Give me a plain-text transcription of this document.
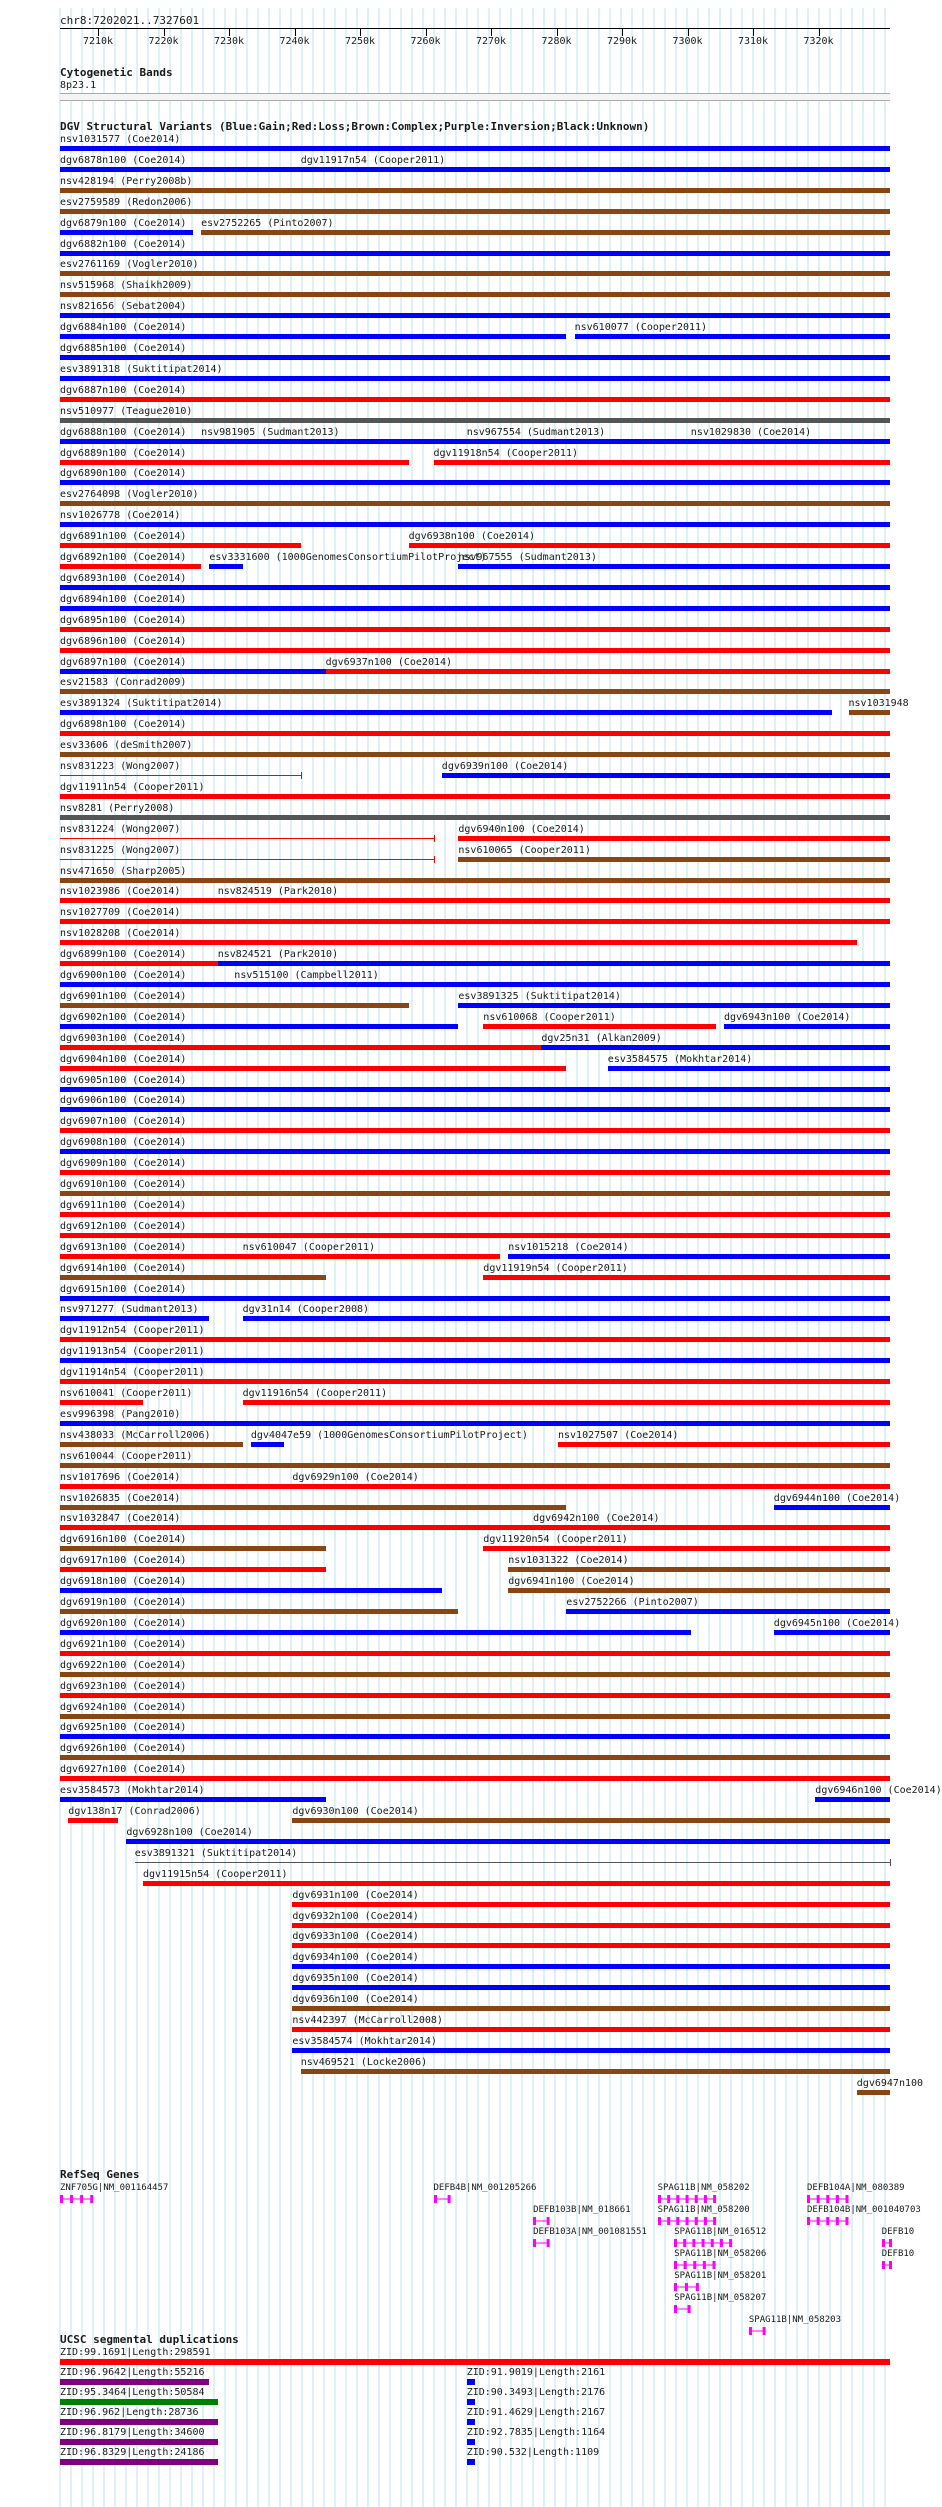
chr8:7202021..7327601
7210k	7220k	7230k	7240k	7250k	7260k	7270k	7280k	7290k	7300k	7310k	7320k
Cytogenetic Bands
8p23.1
DGV Structural Variants (Blue:Gain;Red:Loss;Brown:Complex;Purple:Inversion;Black:Unknown)
nsv1031577 (Coe2014)
dgv6878n100 (Coe2014)	dgv11917n54 (Cooper2011)
nsv428194 (Perry2008b)
esv2759589 (Redon2006)
dgv6879n100 (Coe2014) esv2752265 (Pinto2007)
dgv6882n100 (Coe2014)
esv2761169 (Vogler2010)
nsv515968 (Shaikh2009)
nsv821656 (Sebat2004)
dgv6884n100 (Coe2014)	nsv610077 (Cooper2011)
dgv6885n100 (Coe2014)
esv3891318 (Suktitipat2014)
dgv6887n100 (Coe2014)
nsv510977 (Teague2010)
dgv6888n100 (Coe2014) nsv981905 (Sudmant2013)	nsv967554 (Sudmant2013)	nsv1029830 (Coe2014)
dgv6889n100 (Coe2014)	dgv11918n54 (Cooper2011)
dgv6890n100 (Coe2014)
esv2764098 (Vogler2010)
nsv1026778 (Coe2014)
dgv6891n100 (Coe2014)	dgv6938n100 (Coe2014)
dgv6892n100 (Coe2014) esv3331600 (1000GenomesConsortiumPilotProject)
nsv967555 (Sudmant2013)
dgv6893n100 (Coe2014)
dgv6894n100 (Coe2014)
dgv6895n100 (Coe2014)
dgv6896n100 (Coe2014)
dgv6897n100 (Coe2014)	dgv6937n100 (Coe2014)
esv21583 (Conrad2009)
esv3891324 (Suktitipat2014)	nsv1031948
dgv6898n100 (Coe2014)
esv33606 (deSmith2007)
nsv831223 (Wong2007)	dgv6939n100 (Coe2014)
dgv11911n54 (Cooper2011)
nsv8281 (Perry2008)
nsv831224 (Wong2007)	dgv6940n100 (Coe2014)
nsv831225 (Wong2007)	nsv610065 (Cooper2011)
nsv471650 (Sharp2005)
nsv1023986 (Coe2014)	nsv824519 (Park2010)
nsv1027709 (Coe2014)
nsv1028208 (Coe2014)
dgv6899n100 (Coe2014)	nsv824521 (Park2010)
dgv6900n100 (Coe2014)	nsv515100 (Campbell2011)
dgv6901n100 (Coe2014)	esv3891325 (Suktitipat2014)
dgv6902n100 (Coe2014)	nsv610068 (Cooper2011)	dgv6943n100 (Coe2014)
dgv6903n100 (Coe2014)	dgv25n31 (Alkan2009)
dgv6904n100 (Coe2014)	esv3584575 (Mokhtar2014)
dgv6905n100 (Coe2014)
dgv6906n100 (Coe2014)
dgv6907n100 (Coe2014)
dgv6908n100 (Coe2014)
dgv6909n100 (Coe2014)
dgv6910n100 (Coe2014)
dgv6911n100 (Coe2014)
dgv6912n100 (Coe2014)
dgv6913n100 (Coe2014)	nsv610047 (Cooper2011)	nsv1015218 (Coe2014)
dgv6914n100 (Coe2014)	dgv11919n54 (Cooper2011)
dgv6915n100 (Coe2014)
nsv971277 (Sudmant2013)	dgv31n14 (Cooper2008)
dgv11912n54 (Cooper2011)
dgv11913n54 (Cooper2011)
dgv11914n54 (Cooper2011)
nsv610041 (Cooper2011)	dgv11916n54 (Cooper2011)
esv996398 (Pang2010)
nsv438033 (McCarroll2006)	dgv4047e59 (1000GenomesConsortiumPilotProject)	nsv1027507 (Coe2014)
nsv610044 (Cooper2011)
nsv1017696 (Coe2014)	dgv6929n100 (Coe2014)
nsv1026835 (Coe2014)	dgv6944n100 (Coe2014)
nsv1032847 (Coe2014)	dgv6942n100 (Coe2014)
dgv6916n100 (Coe2014)	dgv11920n54 (Cooper2011)
dgv6917n100 (Coe2014)	nsv1031322 (Coe2014)
dgv6918n100 (Coe2014)	dgv6941n100 (Coe2014)
dgv6919n100 (Coe2014)	esv2752266 (Pinto2007)
dgv6920n100 (Coe2014)	dgv6945n100 (Coe2014)
dgv6921n100 (Coe2014)
dgv6922n100 (Coe2014)
dgv6923n100 (Coe2014)
dgv6924n100 (Coe2014)
dgv6925n100 (Coe2014)
dgv6926n100 (Coe2014)
dgv6927n100 (Coe2014)
esv3584573 (Mokhtar2014)	dgv6946n100 (Coe2014)
dgv138n17 (Conrad2006)	dgv6930n100 (Coe2014)
dgv6928n100 (Coe2014)
esv3891321 (Suktitipat2014)
dgv11915n54 (Cooper2011)
dgv6931n100 (Coe2014)
dgv6932n100 (Coe2014)
dgv6933n100 (Coe2014)
dgv6934n100 (Coe2014)
dgv6935n100 (Coe2014)
dgv6936n100 (Coe2014)
nsv442397 (McCarroll2008)
esv3584574 (Mokhtar2014)
nsv469521 (Locke2006)
dgv6947n100
RefSeq Genes
ZNF705G|NM_001164457	DEFB4B|NM_001205266	SPAG11B|NM_058202	DEFB104A|NM_080389
DEFB103B|NM_018661	SPAG11B|NM_058200	DEFB104B|NM_001040703
DEFB103A|NM_001081551	SPAG11B|NM_016512	DEFB10
SPAG11B|NM_058206	DEFB10
SPAG11B|NM_058201
SPAG11B|NM_058207
SPAG11B|NM_058203
UCSC segmental duplications
ZID:99.1691|Length:298591
ZID:96.9642|Length:55216	ZID:91.9019|Length:2161
ZID:95.3464|Length:50584	ZID:90.3493|Length:2176
ZID:96.962|Length:28736	ZID:91.4629|Length:2167
ZID:96.8179|Length:34600	ZID:92.7835|Length:1164
ZID:96.8329|Length:24186	ZID:90.532|Length:1109
